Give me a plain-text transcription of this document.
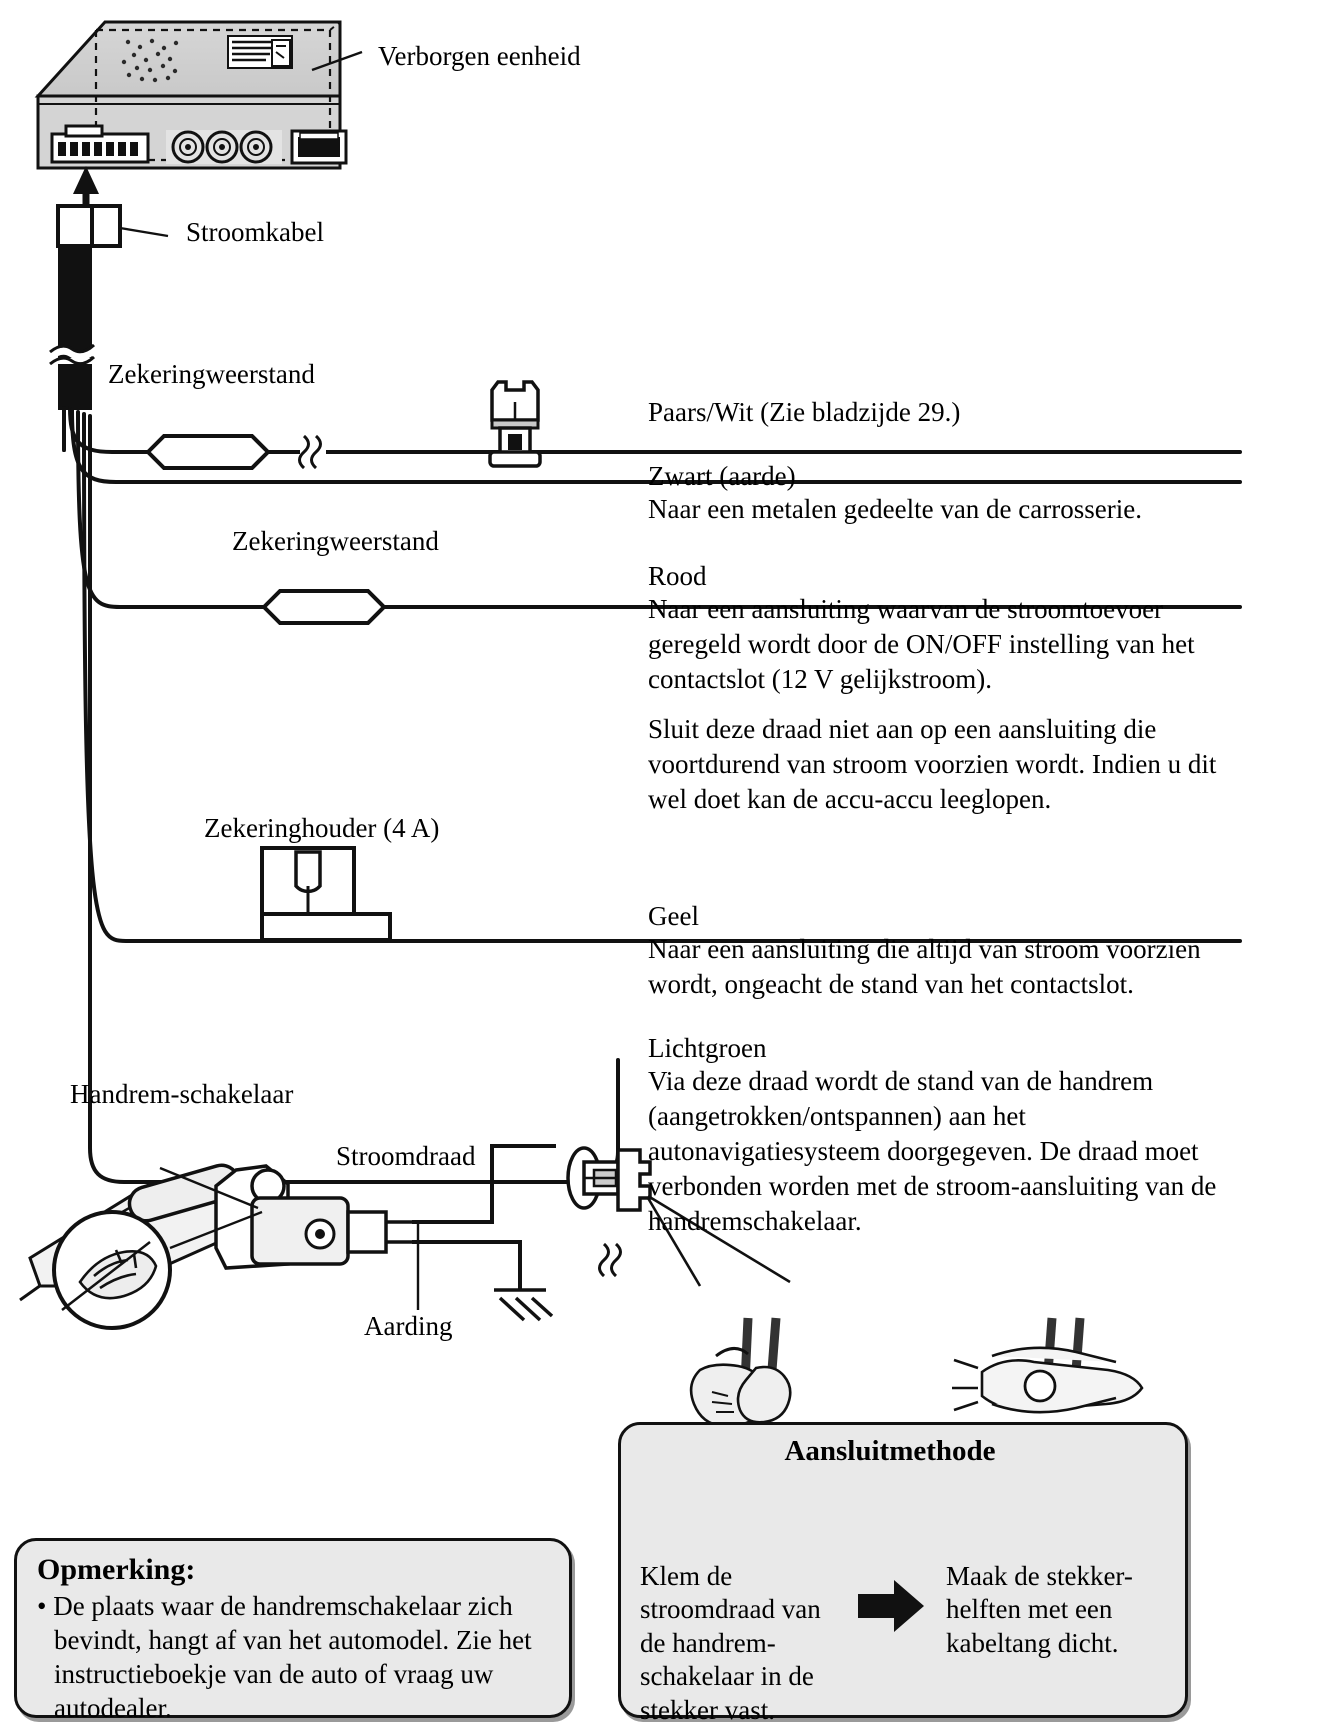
Verborgen eenheid
Stroomkabel
Zekeringweerstand
Zekeringweerstand
Zekeringhouder (4 A)
Handrem-schakelaar
Stroomdraad
Aarding
Paars/Wit (Zie bladzijde 29.)
Zwart (aarde)
Naar een metalen gedeelte van de carrosserie.
Rood
Naar een aansluiting waarvan de stroomtoevoer geregeld wordt door de ON/OFF instelling van het contactslot (12 V gelijkstroom).
Sluit deze draad niet aan op een aansluiting die voortdurend van stroom voorzien wordt. Indien u dit wel doet kan de accu-accu leeglopen.
Geel
Naar een aansluiting die altijd van stroom voorzien wordt, ongeacht de stand van het contactslot.
Lichtgroen
Via deze draad wordt de stand van de handrem (aangetrokken/ontspannen) aan het autonavigatiesysteem doorgegeven. De draad moet verbonden worden met de stroom-aansluiting van de handremschakelaar.
Opmerking:
• De plaats waar de handremschakelaar zich bevindt, hangt af van het automodel. Zie het instructieboekje van de auto of vraag uw autodealer.
Aansluitmethode
Klem de stroomdraad van de handrem-schakelaar in de stekker vast.
Maak de stekker-helften met een kabeltang dicht.
